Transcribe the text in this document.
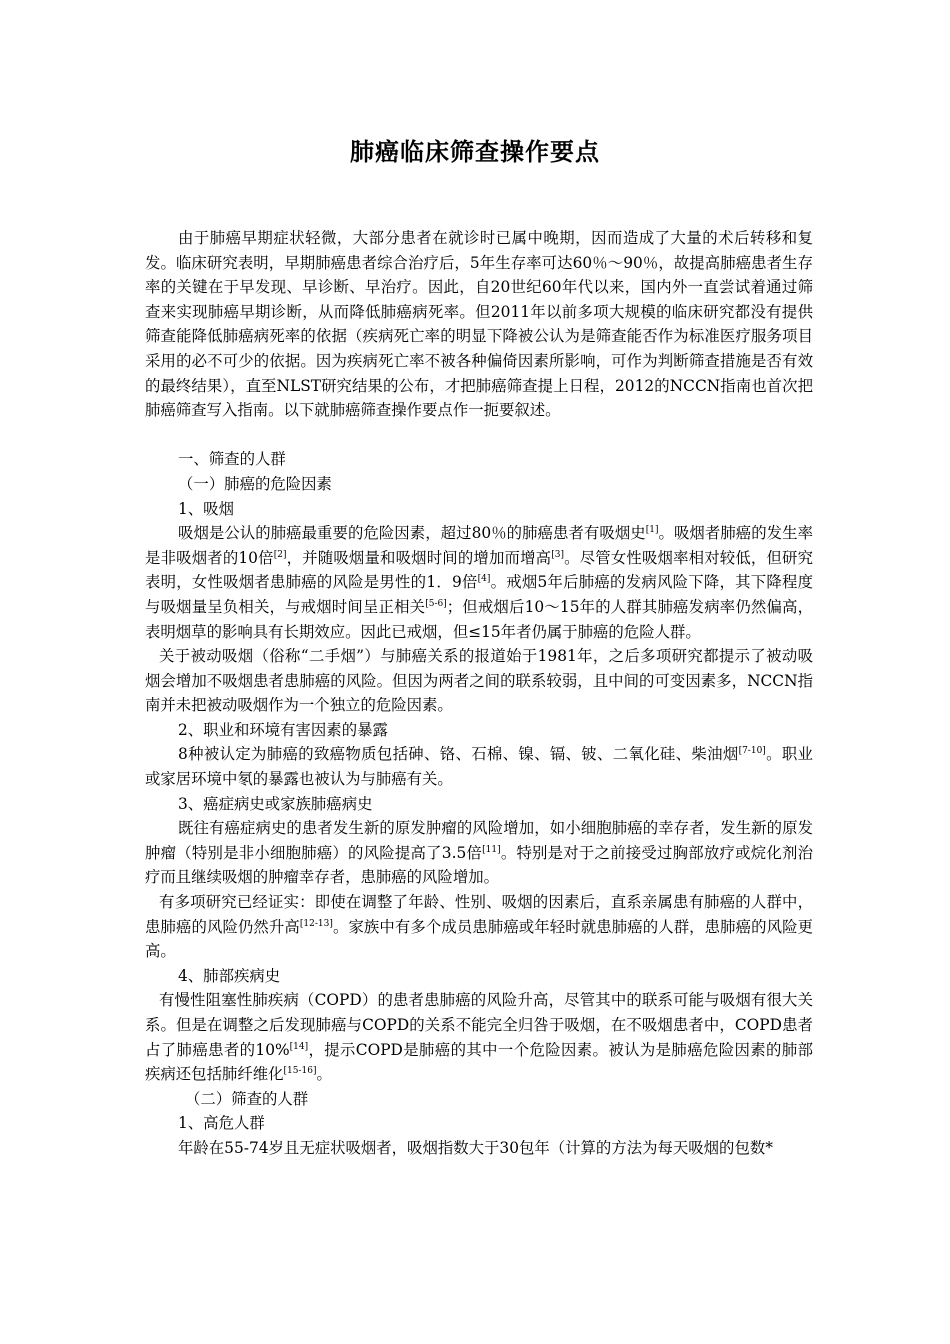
肺癌临床筛查操作要点

由于肺癌早期症状轻微，大部分患者在就诊时已属中晚期，因而造成了大量的术后转移和复发。临床研究表明，早期肺癌患者综合治疗后，5年生存率可达60％～90％，故提高肺癌患者生存率的关键在于早发现、早诊断、早治疗。因此，自20世纪60年代以来，国内外一直尝试着通过筛查来实现肺癌早期诊断，从而降低肺癌病死率。但2011年以前多项大规模的临床研究都没有提供筛查能降低肺癌病死率的依据（疾病死亡率的明显下降被公认为是筛查能否作为标准医疗服务项目采用的必不可少的依据。因为疾病死亡率不被各种偏倚因素所影响，可作为判断筛查措施是否有效的最终结果），直至NLST研究结果的公布，才把肺癌筛查提上日程，2012的NCCN指南也首次把肺癌筛查写入指南。以下就肺癌筛查操作要点作一扼要叙述。

一、筛查的人群

（一）肺癌的危险因素

1、吸烟

吸烟是公认的肺癌最重要的危险因素，超过80％的肺癌患者有吸烟史[1]。吸烟者肺癌的发生率是非吸烟者的10倍[2]，并随吸烟量和吸烟时间的增加而增高[3]。尽管女性吸烟率相对较低，但研究表明，女性吸烟者患肺癌的风险是男性的1．9倍[4]。戒烟5年后肺癌的发病风险下降，其下降程度与吸烟量呈负相关，与戒烟时间呈正相关[5-6]；但戒烟后10～15年的人群其肺癌发病率仍然偏高，表明烟草的影响具有长期效应。因此已戒烟，但≤15年者仍属于肺癌的危险人群。

关于被动吸烟（俗称“二手烟”）与肺癌关系的报道始于1981年，之后多项研究都提示了被动吸烟会增加不吸烟患者患肺癌的风险。但因为两者之间的联系较弱，且中间的可变因素多，NCCN指南并未把被动吸烟作为一个独立的危险因素。

2、职业和环境有害因素的暴露

8种被认定为肺癌的致癌物质包括砷、铬、石棉、镍、镉、铍、二氧化硅、柴油烟[7-10]。职业或家居环境中氡的暴露也被认为与肺癌有关。

3、癌症病史或家族肺癌病史

既往有癌症病史的患者发生新的原发肿瘤的风险增加，如小细胞肺癌的幸存者，发生新的原发肿瘤（特别是非小细胞肺癌）的风险提高了3.5倍[11]。特别是对于之前接受过胸部放疗或烷化剂治疗而且继续吸烟的肿瘤幸存者，患肺癌的风险增加。

有多项研究已经证实：即使在调整了年龄、性别、吸烟的因素后，直系亲属患有肺癌的人群中，患肺癌的风险仍然升高[12-13]。家族中有多个成员患肺癌或年轻时就患肺癌的人群，患肺癌的风险更高。

4、肺部疾病史

有慢性阻塞性肺疾病（COPD）的患者患肺癌的风险升高，尽管其中的联系可能与吸烟有很大关系。但是在调整之后发现肺癌与COPD的关系不能完全归咎于吸烟，在不吸烟患者中，COPD患者占了肺癌患者的10%[14]，提示COPD是肺癌的其中一个危险因素。被认为是肺癌危险因素的肺部疾病还包括肺纤维化[15-16]。

（二）筛查的人群

1、高危人群

年龄在55-74岁且无症状吸烟者，吸烟指数大于30包年（计算的方法为每天吸烟的包数*
